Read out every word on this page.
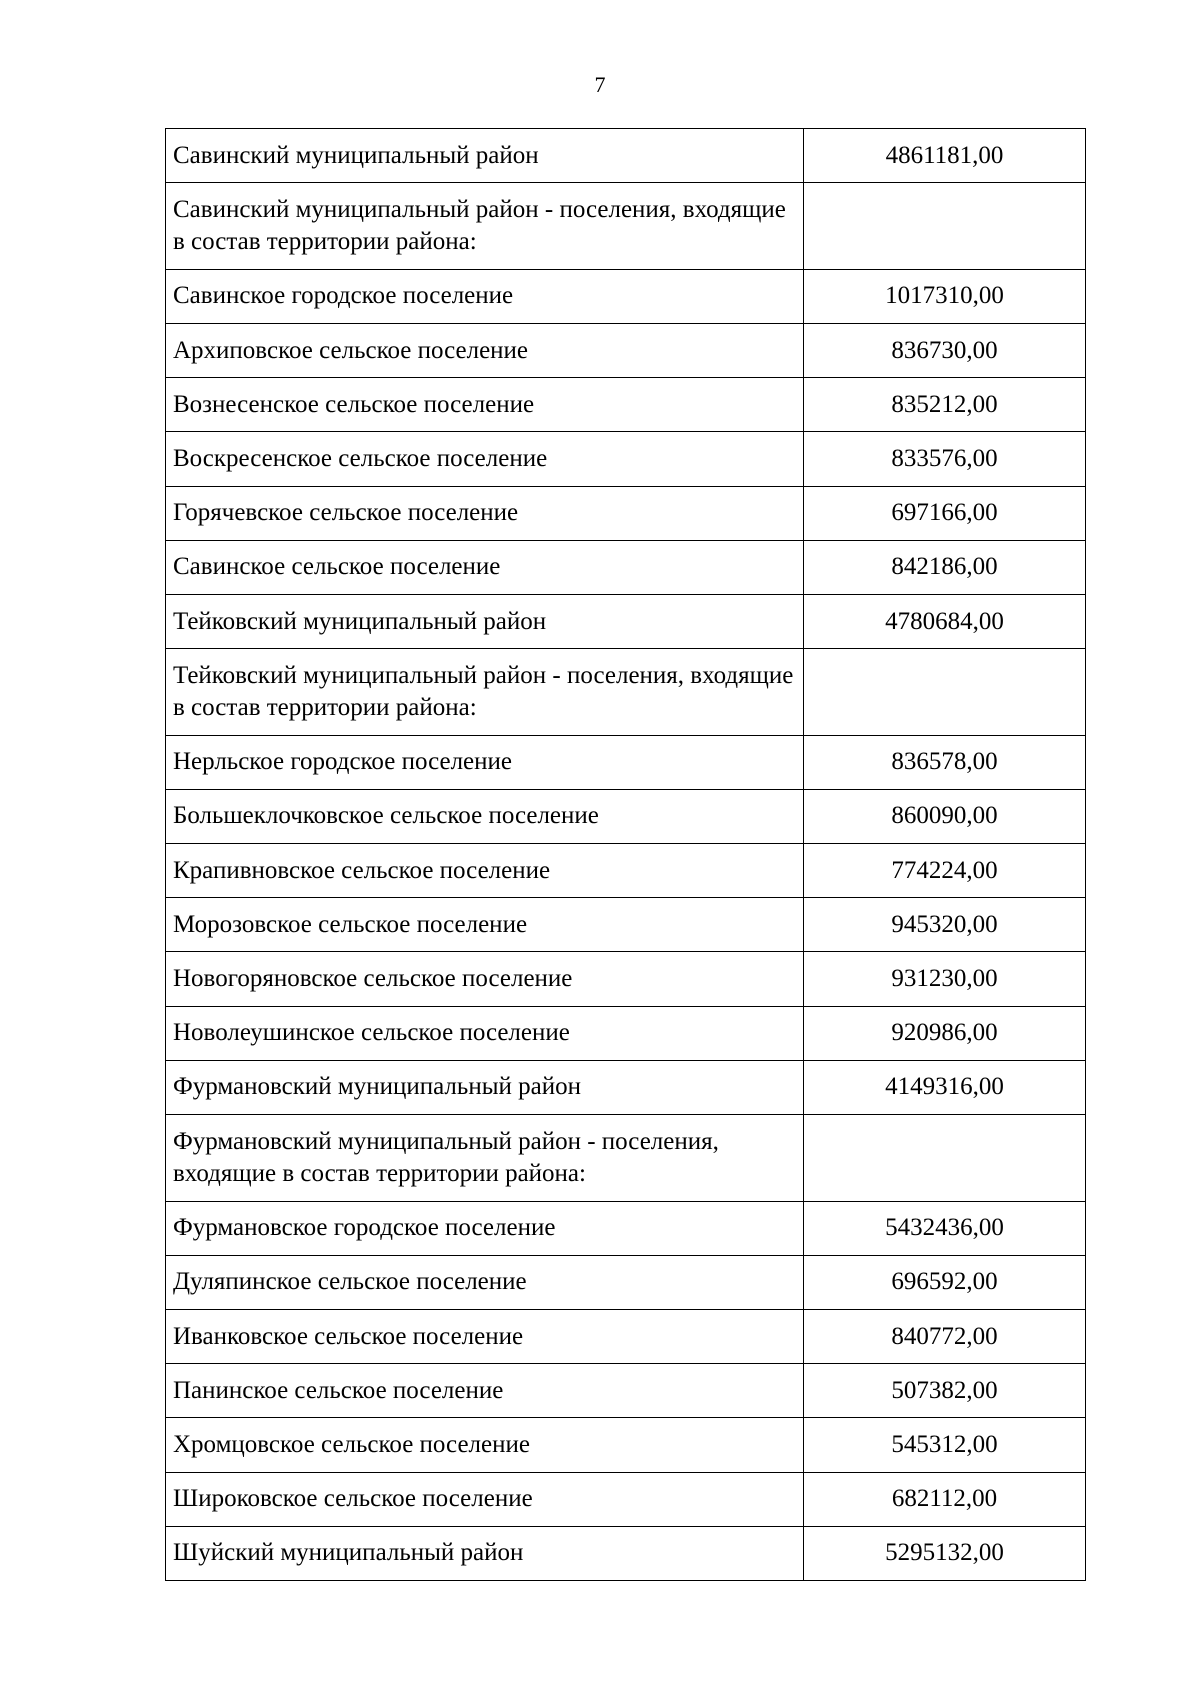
7
Савинский муниципальный район	4861181,00
Савинский муниципальный район - поселения, входящие в состав территории района:	
Савинское городское поселение	1017310,00
Архиповское сельское поселение	836730,00
Вознесенское сельское поселение	835212,00
Воскресенское сельское поселение	833576,00
Горячевское сельское поселение	697166,00
Савинское сельское поселение	842186,00
Тейковский муниципальный район	4780684,00
Тейковский муниципальный район - поселения, входящие в состав территории района:	
Нерльское городское поселение	836578,00
Большеклочковское сельское поселение	860090,00
Крапивновское сельское поселение	774224,00
Морозовское сельское поселение	945320,00
Новогоряновское сельское поселение	931230,00
Новолеушинское сельское поселение	920986,00
Фурмановский муниципальный район	4149316,00
Фурмановский муниципальный район - поселения, входящие в состав территории района:	
Фурмановское городское поселение	5432436,00
Дуляпинское сельское поселение	696592,00
Иванковское сельское поселение	840772,00
Панинское сельское поселение	507382,00
Хромцовское сельское поселение	545312,00
Широковское сельское поселение	682112,00
Шуйский муниципальный район	5295132,00
